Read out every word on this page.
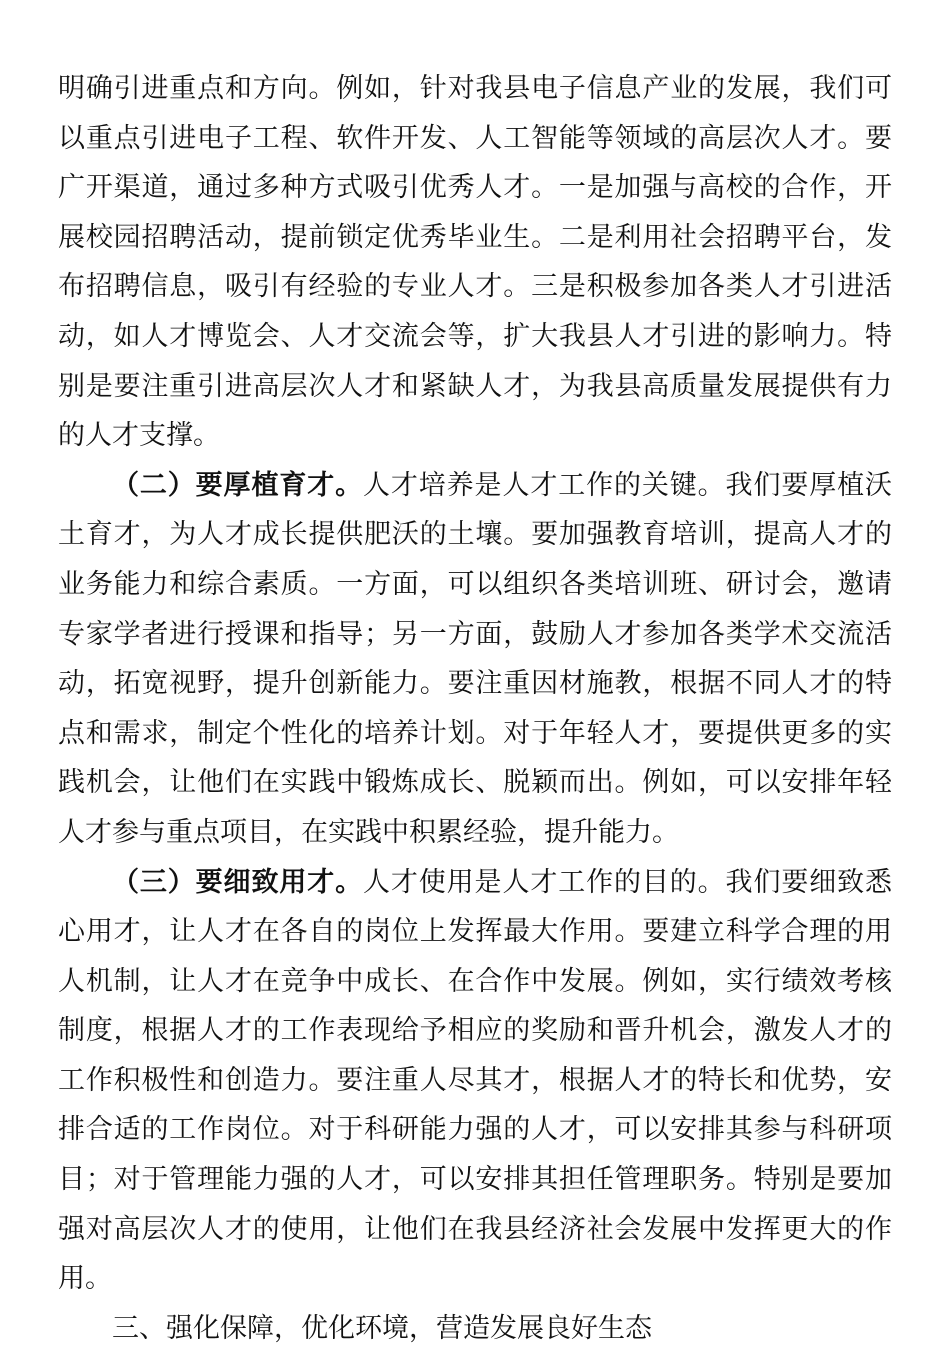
明确引进重点和方向。例如，针对我县电子信息产业的发展，我们可以重点引进电子工程、软件开发、人工智能等领域的高层次人才。要广开渠道，通过多种方式吸引优秀人才。一是加强与高校的合作，开展校园招聘活动，提前锁定优秀毕业生。二是利用社会招聘平台，发布招聘信息，吸引有经验的专业人才。三是积极参加各类人才引进活动，如人才博览会、人才交流会等，扩大我县人才引进的影响力。特别是要注重引进高层次人才和紧缺人才，为我县高质量发展提供有力的人才支撑。

（二）要厚植育才。人才培养是人才工作的关键。我们要厚植沃土育才，为人才成长提供肥沃的土壤。要加强教育培训，提高人才的业务能力和综合素质。一方面，可以组织各类培训班、研讨会，邀请专家学者进行授课和指导；另一方面，鼓励人才参加各类学术交流活动，拓宽视野，提升创新能力。要注重因材施教，根据不同人才的特点和需求，制定个性化的培养计划。对于年轻人才，要提供更多的实践机会，让他们在实践中锻炼成长、脱颖而出。例如，可以安排年轻人才参与重点项目，在实践中积累经验，提升能力。

（三）要细致用才。人才使用是人才工作的目的。我们要细致悉心用才，让人才在各自的岗位上发挥最大作用。要建立科学合理的用人机制，让人才在竞争中成长、在合作中发展。例如，实行绩效考核制度，根据人才的工作表现给予相应的奖励和晋升机会，激发人才的工作积极性和创造力。要注重人尽其才，根据人才的特长和优势，安排合适的工作岗位。对于科研能力强的人才，可以安排其参与科研项目；对于管理能力强的人才，可以安排其担任管理职务。特别是要加强对高层次人才的使用，让他们在我县经济社会发展中发挥更大的作用。

三、强化保障，优化环境，营造发展良好生态
